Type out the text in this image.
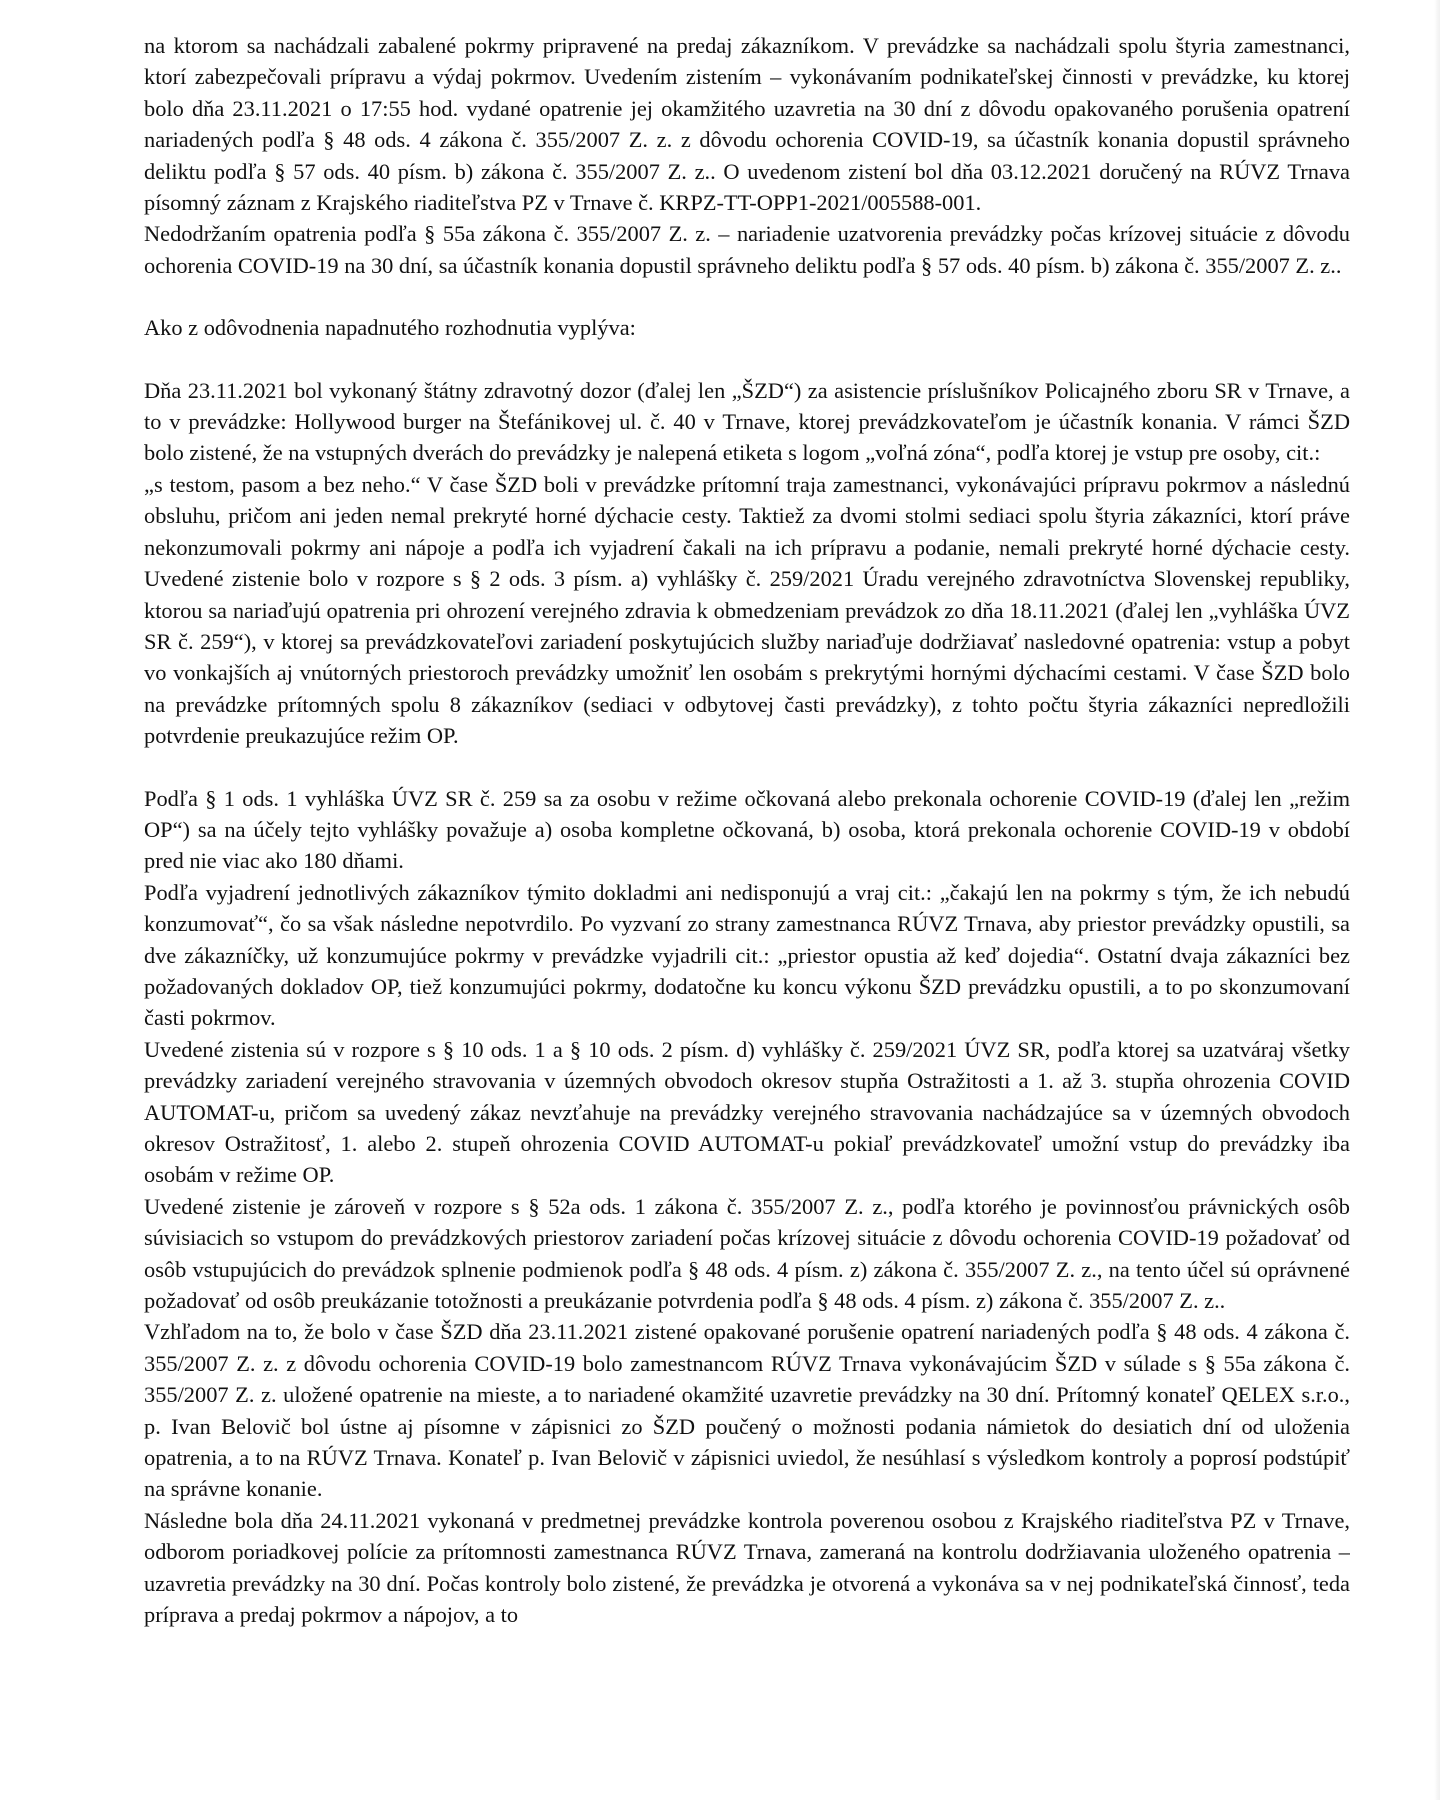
na ktorom sa nachádzali zabalené pokrmy pripravené na predaj zákazníkom. V prevádzke sa nachádzali spolu štyria zamestnanci, ktorí zabezpečovali prípravu a výdaj pokrmov. Uvedením zistením – vykonávaním podnikateľskej činnosti v prevádzke, ku ktorej bolo dňa 23.11.2021 o 17:55 hod. vydané opatrenie jej okamžitého uzavretia na 30 dní z dôvodu opakovaného porušenia opatrení nariadených podľa § 48 ods. 4 zákona č. 355/2007 Z. z. z dôvodu ochorenia COVID-19, sa účastník konania dopustil správneho deliktu podľa § 57 ods. 40 písm. b) zákona č. 355/2007 Z. z.. O uvedenom zistení bol dňa 03.12.2021 doručený na RÚVZ Trnava písomný záznam z Krajského riaditeľstva PZ v Trnave č. KRPZ-TT-OPP1-2021/005588-001.

Nedodržaním opatrenia podľa § 55a zákona č. 355/2007 Z. z. – nariadenie uzatvorenia prevádzky počas krízovej situácie z dôvodu ochorenia COVID-19 na 30 dní, sa účastník konania dopustil správneho deliktu podľa § 57 ods. 40 písm. b) zákona č. 355/2007 Z. z..

Ako z odôvodnenia napadnutého rozhodnutia vyplýva:

Dňa 23.11.2021 bol vykonaný štátny zdravotný dozor (ďalej len „ŠZD“) za asistencie príslušníkov Policajného zboru SR v Trnave, a to v prevádzke: Hollywood burger na Štefánikovej ul. č. 40 v Trnave, ktorej prevádzkovateľom je účastník konania. V rámci ŠZD bolo zistené, že na vstupných dverách do prevádzky je nalepená etiketa s logom „voľná zóna“, podľa ktorej je vstup pre osoby, cit.:

„s testom, pasom a bez neho.“ V čase ŠZD boli v prevádzke prítomní traja zamestnanci, vykonávajúci prípravu pokrmov a následnú obsluhu, pričom ani jeden nemal prekryté horné dýchacie cesty. Taktiež za dvomi stolmi sediaci spolu štyria zákazníci, ktorí práve nekonzumovali pokrmy ani nápoje a podľa ich vyjadrení čakali na ich prípravu a podanie, nemali prekryté horné dýchacie cesty. Uvedené zistenie bolo v rozpore s § 2 ods. 3 písm. a) vyhlášky č. 259/2021 Úradu verejného zdravotníctva Slovenskej republiky, ktorou sa nariaďujú opatrenia pri ohrození verejného zdravia k obmedzeniam prevádzok zo dňa 18.11.2021 (ďalej len „vyhláška ÚVZ SR č. 259“), v ktorej sa prevádzkovateľovi zariadení poskytujúcich služby nariaďuje dodržiavať nasledovné opatrenia: vstup a pobyt vo vonkajších aj vnútorných priestoroch prevádzky umožniť len osobám s prekrytými hornými dýchacími cestami. V čase ŠZD bolo na prevádzke prítomných spolu 8 zákazníkov (sediaci v odbytovej časti prevádzky), z tohto počtu štyria zákazníci nepredložili potvrdenie preukazujúce režim OP.

Podľa § 1 ods. 1 vyhláška ÚVZ SR č. 259 sa za osobu v režime očkovaná alebo prekonala ochorenie COVID-19 (ďalej len „režim OP“) sa na účely tejto vyhlášky považuje a) osoba kompletne očkovaná, b) osoba, ktorá prekonala ochorenie COVID-19 v období pred nie viac ako 180 dňami.

Podľa vyjadrení jednotlivých zákazníkov týmito dokladmi ani nedisponujú a vraj cit.: „čakajú len na pokrmy s tým, že ich nebudú konzumovať“, čo sa však následne nepotvrdilo. Po vyzvaní zo strany zamestnanca RÚVZ Trnava, aby priestor prevádzky opustili, sa dve zákazníčky, už konzumujúce pokrmy v prevádzke vyjadrili cit.: „priestor opustia až keď dojedia“. Ostatní dvaja zákazníci bez požadovaných dokladov OP, tiež konzumujúci pokrmy, dodatočne ku koncu výkonu ŠZD prevádzku opustili, a to po skonzumovaní časti pokrmov.

Uvedené zistenia sú v rozpore s § 10 ods. 1 a § 10 ods. 2 písm. d) vyhlášky č. 259/2021 ÚVZ SR, podľa ktorej sa uzatváraj všetky prevádzky zariadení verejného stravovania v územných obvodoch okresov stupňa Ostražitosti a 1. až 3. stupňa ohrozenia COVID AUTOMAT-u, pričom sa uvedený zákaz nevzťahuje na prevádzky verejného stravovania nachádzajúce sa v územných obvodoch okresov Ostražitosť, 1. alebo 2. stupeň ohrozenia COVID AUTOMAT-u pokiaľ prevádzkovateľ umožní vstup do prevádzky iba osobám v režime OP.

Uvedené zistenie je zároveň v rozpore s § 52a ods. 1 zákona č. 355/2007 Z. z., podľa ktorého je povinnosťou právnických osôb súvisiacich so vstupom do prevádzkových priestorov zariadení počas krízovej situácie z dôvodu ochorenia COVID-19 požadovať od osôb vstupujúcich do prevádzok splnenie podmienok podľa § 48 ods. 4 písm. z) zákona č. 355/2007 Z. z., na tento účel sú oprávnené požadovať od osôb preukázanie totožnosti a preukázanie potvrdenia podľa § 48 ods. 4 písm. z) zákona č. 355/2007 Z. z..

Vzhľadom na to, že bolo v čase ŠZD dňa 23.11.2021 zistené opakované porušenie opatrení nariadených podľa § 48 ods. 4 zákona č. 355/2007 Z. z. z dôvodu ochorenia COVID-19 bolo zamestnancom RÚVZ Trnava vykonávajúcim ŠZD v súlade s § 55a zákona č. 355/2007 Z. z. uložené opatrenie na mieste, a to nariadené okamžité uzavretie prevádzky na 30 dní. Prítomný konateľ QELEX s.r.o., p. Ivan Belovič bol ústne aj písomne v zápisnici zo ŠZD poučený o možnosti podania námietok do desiatich dní od uloženia opatrenia, a to na RÚVZ Trnava. Konateľ p. Ivan Belovič v zápisnici uviedol, že nesúhlasí s výsledkom kontroly a poprosí podstúpiť na správne konanie.

Následne bola dňa 24.11.2021 vykonaná v predmetnej prevádzke kontrola poverenou osobou z Krajského riaditeľstva PZ v Trnave, odborom poriadkovej polície za prítomnosti zamestnanca RÚVZ Trnava, zameraná na kontrolu dodržiavania uloženého opatrenia – uzavretia prevádzky na 30 dní. Počas kontroly bolo zistené, že prevádzka je otvorená a vykonáva sa v nej podnikateľská činnosť, teda príprava a predaj pokrmov a nápojov, a to
